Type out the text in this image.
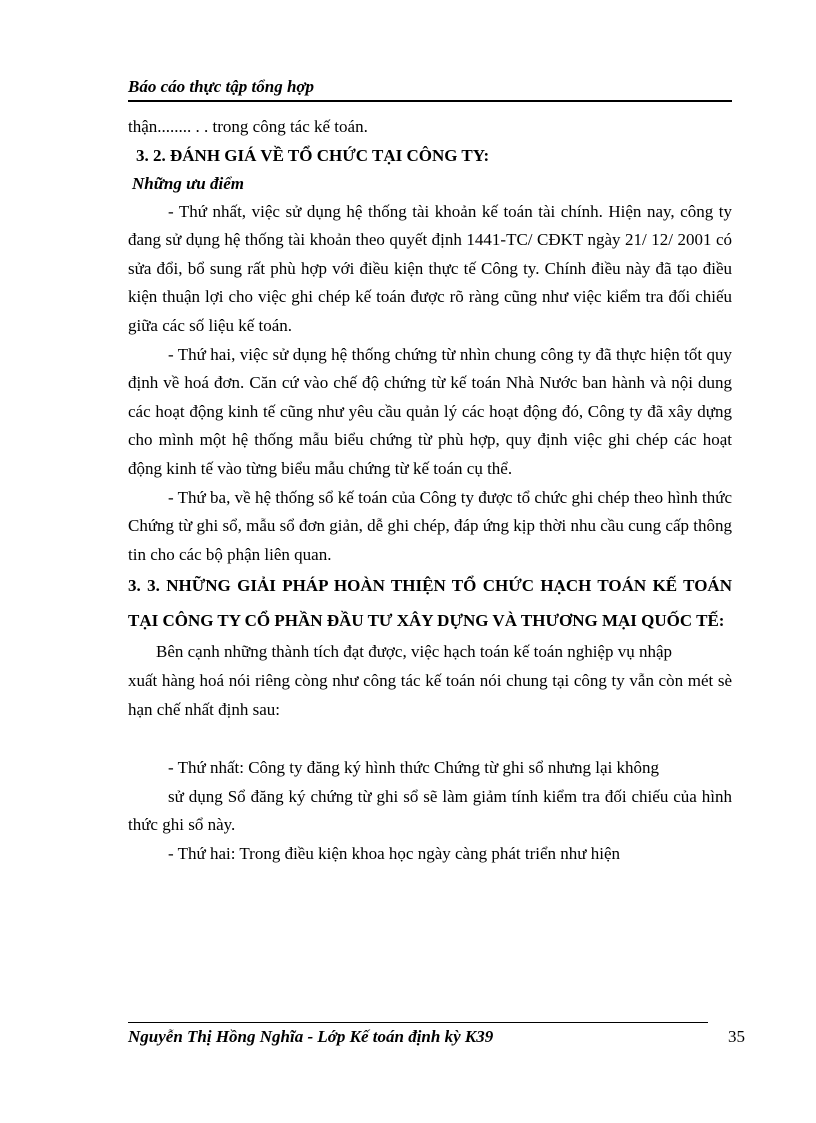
Báo cáo thực tập tổng hợp

thận........ . . trong công tác kế toán.

3. 2. ĐÁNH GIÁ VỀ TỔ CHỨC TẠI CÔNG TY:

Những ưu điểm

- Thứ nhất, việc sử dụng hệ thống tài khoản kế toán tài chính. Hiện nay, công ty đang sử dụng hệ thống tài khoản theo quyết định 1441-TC/ CĐKT ngày 21/ 12/ 2001 có sửa đổi, bổ sung rất phù hợp với điều kiện thực tế Công ty. Chính điều này đã tạo điều kiện thuận lợi cho việc ghi chép kế toán được rõ ràng cũng như việc kiểm tra đối chiếu giữa các số liệu kế toán.

- Thứ hai, việc sử dụng hệ thống chứng từ nhìn chung công ty đã thực hiện tốt quy định về hoá đơn. Căn cứ vào chế độ chứng từ kế toán Nhà Nước ban hành và nội dung các hoạt động kinh tế cũng như yêu cầu quản lý các hoạt động đó, Công ty đã xây dựng cho mình một hệ thống mẫu biểu chứng từ phù hợp, quy định việc ghi chép các hoạt động kinh tế vào từng biểu mẫu chứng từ kế toán cụ thể.

- Thứ ba, về hệ thống sổ kế toán của Công ty được tổ chức ghi chép theo hình thức Chứng từ ghi sổ, mẫu sổ đơn giản, dễ ghi chép, đáp ứng kịp thời nhu cầu cung cấp thông tin cho các bộ phận liên quan.

3. 3. NHỮNG GIẢI PHÁP HOÀN THIỆN TỔ CHỨC HẠCH TOÁN KẾ TOÁN TẠI CÔNG TY CỔ PHẦN ĐẦU TƯ XÂY DỰNG VÀ THƯƠNG MẠI QUỐC TẾ:

Bên cạnh những thành tích đạt được, việc hạch toán kế toán nghiệp vụ nhập

xuất hàng hoá nói riêng còng như công tác kế toán nói chung tại công ty vẫn còn mét sè hạn chế nhất định sau:

- Thứ nhất: Công ty đăng ký hình thức Chứng từ ghi sổ nhưng lại không

sử dụng Sổ đăng ký chứng từ ghi sổ sẽ làm giảm tính kiểm tra đối chiếu của hình thức ghi sổ này.

- Thứ hai: Trong điều kiện khoa học ngày càng phát triển như hiện

Nguyễn Thị Hồng Nghĩa - Lớp Kế toán định kỳ K39	35
